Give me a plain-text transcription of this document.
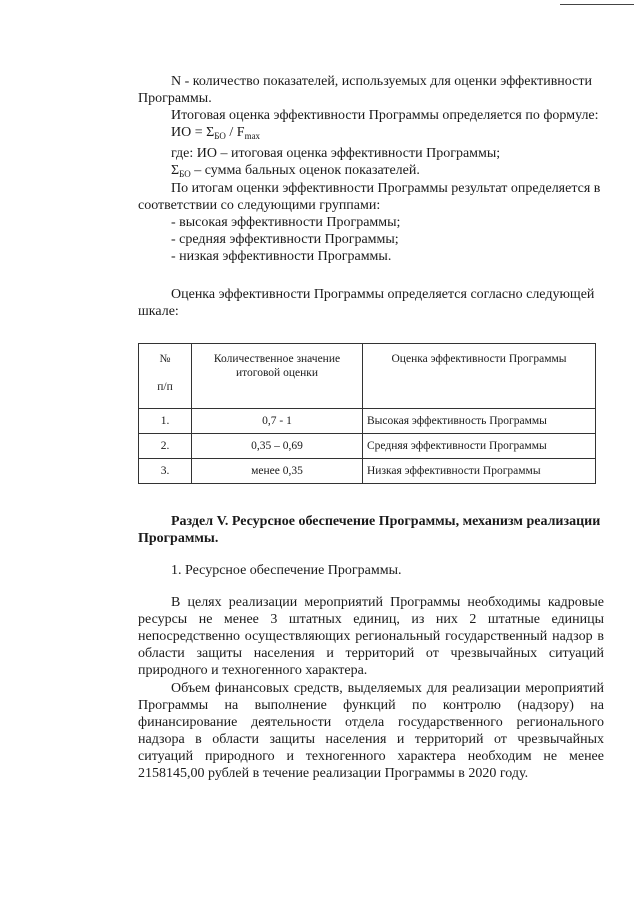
N - количество показателей, используемых для оценки эффективности Программы.

Итоговая оценка эффективности Программы определяется по формуле:

ИО = $\Sigma_{БО} / F_{max}$
где: ИО – итоговая оценка эффективности Программы;
$\Sigma_{БО}$ – сумма бальных оценок показателей.

По итогам оценки эффективности Программы результат определяется в соответствии со следующими группами:

- высокая эффективности Программы;
- средняя эффективности Программы;
- низкая эффективности Программы.

Оценка эффективности Программы определяется согласно следующей шкале:

№
п/п	Количественное значение итоговой оценки	Оценка эффективности Программы
1.	0,7 - 1	Высокая эффективность Программы
2.	0,35 – 0,69	Средняя эффективности Программы
3.	менее 0,35	Низкая эффективности Программы

Раздел V. Ресурсное обеспечение Программы, механизм реализации Программы.

1. Ресурсное обеспечение Программы.

В целях реализации мероприятий Программы необходимы кадровые ресурсы не менее 3 штатных единиц, из них 2 штатные единицы непосредственно осуществляющих региональный государственный надзор в области защиты населения и территорий от чрезвычайных ситуаций природного и техногенного характера.

Объем финансовых средств, выделяемых для реализации мероприятий Программы на выполнение функций по контролю (надзору) на финансирование деятельности отдела государственного регионального надзора в области защиты населения и территорий от чрезвычайных ситуаций природного и техногенного характера необходим не менее 2158145,00 рублей в течение реализации Программы в 2020 году.
